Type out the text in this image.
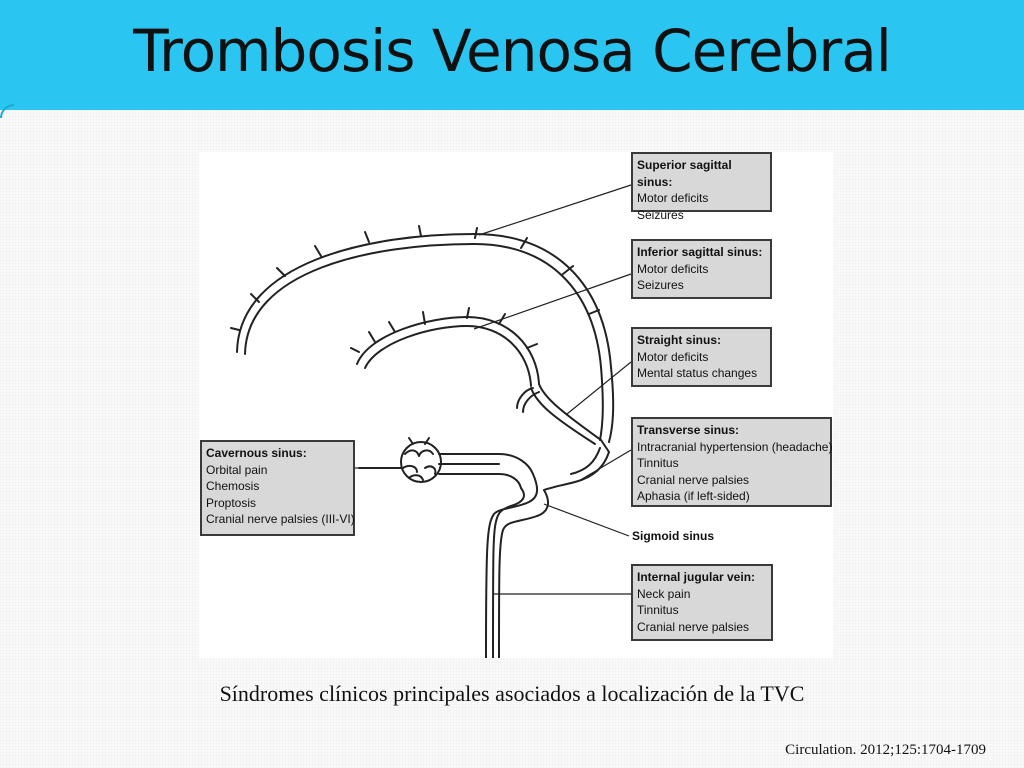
Trombosis Venosa Cerebral
Superior sagittal sinus:
Motor deficits
Seizures
Inferior sagittal sinus:
Motor deficits
Seizures
Straight sinus:
Motor deficits
Mental status changes
Transverse sinus:
Intracranial hypertension (headache)
Tinnitus
Cranial nerve palsies
Aphasia (if left-sided)
Cavernous sinus:
Orbital pain
Chemosis
Proptosis
Cranial nerve palsies (III-VI)
Sigmoid sinus
Internal jugular vein:
Neck pain
Tinnitus
Cranial nerve palsies
Síndromes clínicos principales asociados a localización de la TVC
Circulation. 2012;125:1704-1709
